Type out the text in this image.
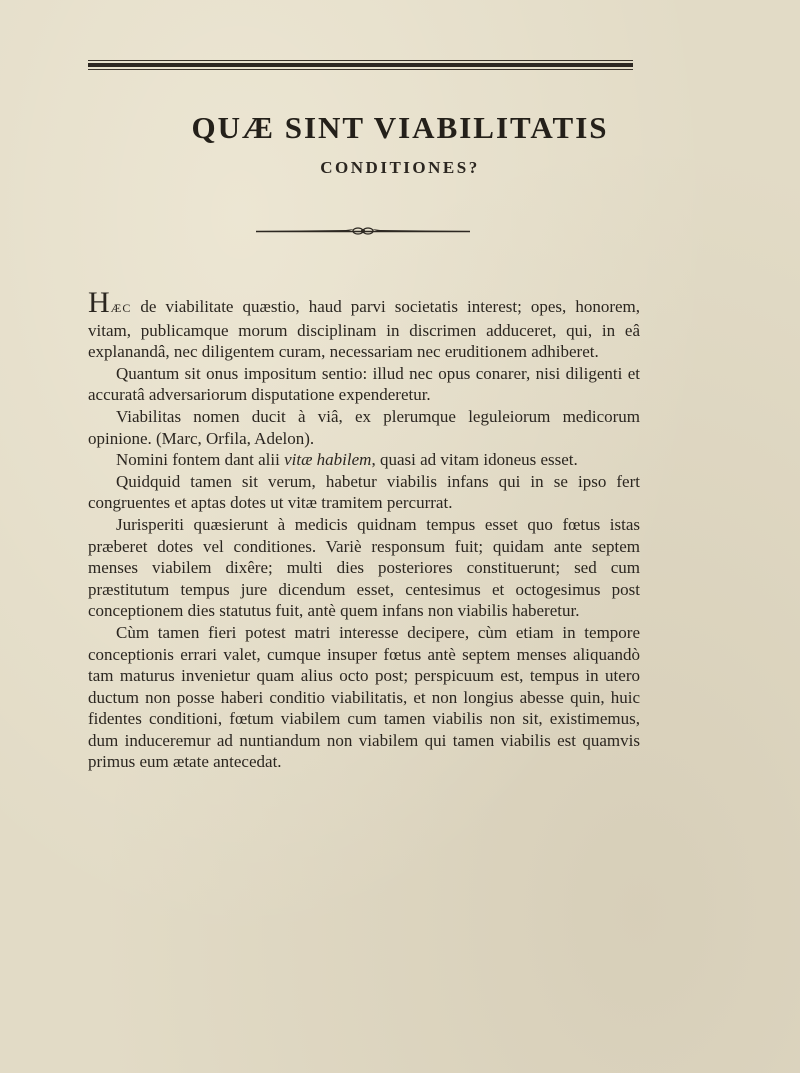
QUÆ SINT VIABILITATIS
CONDITIONES?

HÆC de viabilitate quæstio, haud parvi societatis interest; opes, honorem, vitam, publicamque morum disciplinam in discrimen adduceret, qui, in eâ explanandâ, nec diligentem curam, necessariam nec eruditionem adhiberet.

Quantum sit onus impositum sentio: illud nec opus conarer, nisi diligenti et accuratâ adversariorum disputatione expenderetur.

Viabilitas nomen ducit à viâ, ex plerumque leguleiorum medicorum opinione. (Marc, Orfila, Adelon).

Nomini fontem dant alii vitæ habilem, quasi ad vitam idoneus esset.

Quidquid tamen sit verum, habetur viabilis infans qui in se ipso fert congruentes et aptas dotes ut vitæ tramitem percurrat.

Jurisperiti quæsierunt à medicis quidnam tempus esset quo fœtus istas præberet dotes vel conditiones. Variè responsum fuit; quidam ante septem menses viabilem dixêre; multi dies posteriores constituerunt; sed cum præstitutum tempus jure dicendum esset, centesimus et octogesimus post conceptionem dies statutus fuit, antè quem infans non viabilis haberetur.

Cùm tamen fieri potest matri interesse decipere, cùm etiam in tempore conceptionis errari valet, cumque insuper fœtus antè septem menses aliquandò tam maturus invenietur quam alius octo post; perspicuum est, tempus in utero ductum non posse haberi conditio viabilitatis, et non longius abesse quin, huic fidentes conditioni, fœtum viabilem cum tamen viabilis non sit, existimemus, dum induceremur ad nuntiandum non viabilem qui tamen viabilis est quamvis primus eum ætate antecedat.
